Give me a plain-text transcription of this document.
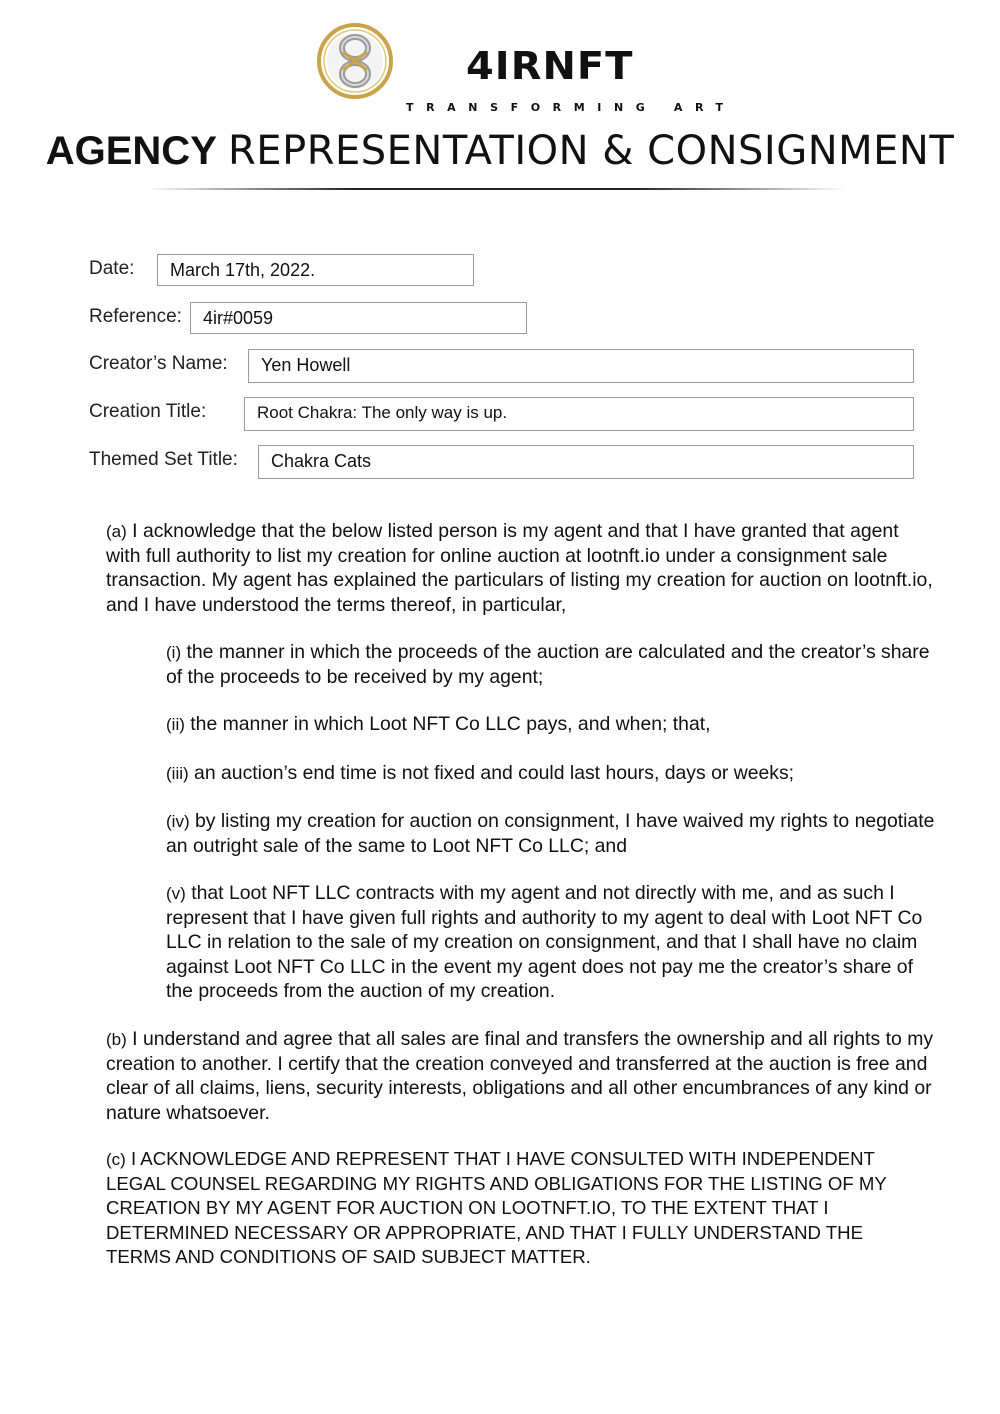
4IRNFT
TRANSFORMING ART
AGENCY REPRESENTATION & CONSIGNMENT
Date:	March 17th, 2022.
Reference:	4ir#0059
Creator’s Name:	Yen Howell
Creation Title:	Root Chakra: The only way is up.
Themed Set Title:	Chakra Cats

(a) I acknowledge that the below listed person is my agent and that I have granted that agent with full authority to list my creation for online auction at lootnft.io under a consignment sale transaction. My agent has explained the particulars of listing my creation for auction on lootnft.io, and I have understood the terms thereof, in particular,

(i) the manner in which the proceeds of the auction are calculated and the creator’s share of the proceeds to be received by my agent;

(ii) the manner in which Loot NFT Co LLC pays, and when; that,

(iii) an auction’s end time is not fixed and could last hours, days or weeks;

(iv) by listing my creation for auction on consignment, I have waived my rights to negotiate an outright sale of the same to Loot NFT Co LLC; and

(v) that Loot NFT LLC contracts with my agent and not directly with me, and as such I represent that I have given full rights and authority to my agent to deal with Loot NFT Co LLC in relation to the sale of my creation on consignment, and that I shall have no claim against Loot NFT Co LLC in the event my agent does not pay me the creator’s share of the proceeds from the auction of my creation.

(b) I understand and agree that all sales are final and transfers the ownership and all rights to my creation to another. I certify that the creation conveyed and transferred at the auction is free and clear of all claims, liens, security interests, obligations and all other encumbrances of any kind or nature whatsoever.

(c) I ACKNOWLEDGE AND REPRESENT THAT I HAVE CONSULTED WITH INDEPENDENT LEGAL COUNSEL REGARDING MY RIGHTS AND OBLIGATIONS FOR THE LISTING OF MY CREATION BY MY AGENT FOR AUCTION ON LOOTNFT.IO, TO THE EXTENT THAT I DETERMINED NECESSARY OR APPROPRIATE, AND THAT I FULLY UNDERSTAND THE TERMS AND CONDITIONS OF SAID SUBJECT MATTER.
